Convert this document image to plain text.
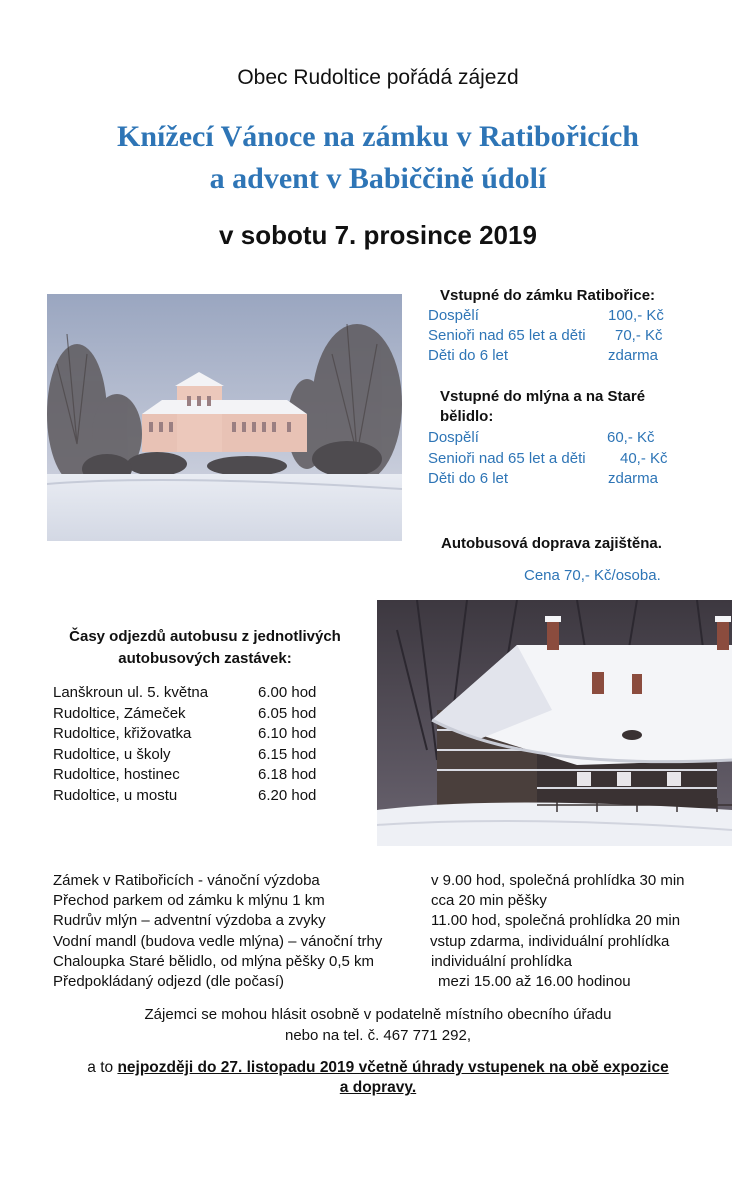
Obec Rudoltice pořádá zájezd
Knížecí Vánoce na zámku v Ratibořicích
a advent v Babiččině údolí
v sobotu 7. prosince 2019
Vstupné do zámku Ratibořice:
Dospělí	100,- Kč
Senioři nad 65 let a děti 70,- Kč
Děti do 6 let	zdarma
Vstupné do mlýna a na Staré
bělidlo:
Dospělí	60,- Kč
Senioři nad 65 let a děti 40,- Kč
Děti do 6 let	zdarma
Autobusová doprava zajištěna.
Cena 70,- Kč/osoba.
Časy odjezdů autobusu z jednotlivých
autobusových zastávek:
Lanškroun ul. 5. května	6.00 hod
Rudoltice, Zámeček	6.05 hod
Rudoltice, křižovatka	6.10 hod
Rudoltice, u školy	6.15 hod
Rudoltice, hostinec	6.18 hod
Rudoltice, u mostu	6.20 hod
Zámek v Ratibořicích - vánoční výzdoba	v 9.00 hod, společná prohlídka 30 min
Přechod parkem od zámku k mlýnu 1 km	cca 20 min pěšky
Rudrův mlýn – adventní výzdoba a zvyky	11.00 hod, společná prohlídka 20 min
Vodní mandl (budova vedle mlýna) – vánoční trhy	vstup zdarma, individuální prohlídka
Chaloupka Staré bělidlo, od mlýna pěšky 0,5 km	individuální prohlídka
Předpokládaný odjezd (dle počasí)	mezi 15.00 až 16.00 hodinou
Zájemci se mohou hlásit osobně v podatelně místního obecního úřadu
nebo na tel. č. 467 771 292,
a to nejpozději do 27. listopadu 2019 včetně úhrady vstupenek na obě expozice
a dopravy.
